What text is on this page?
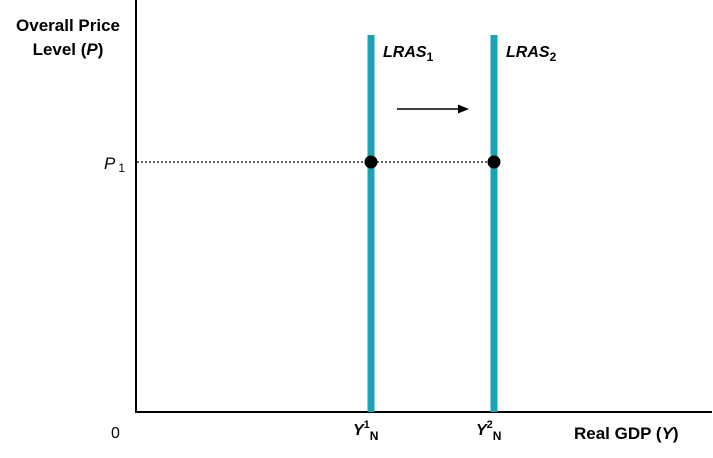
Overall Price
Level (P)
Real GDP (Y)
0
P $_1$
$LRAS_1$	$LRAS_2$
$Y^1_N$	$Y^2_N$
